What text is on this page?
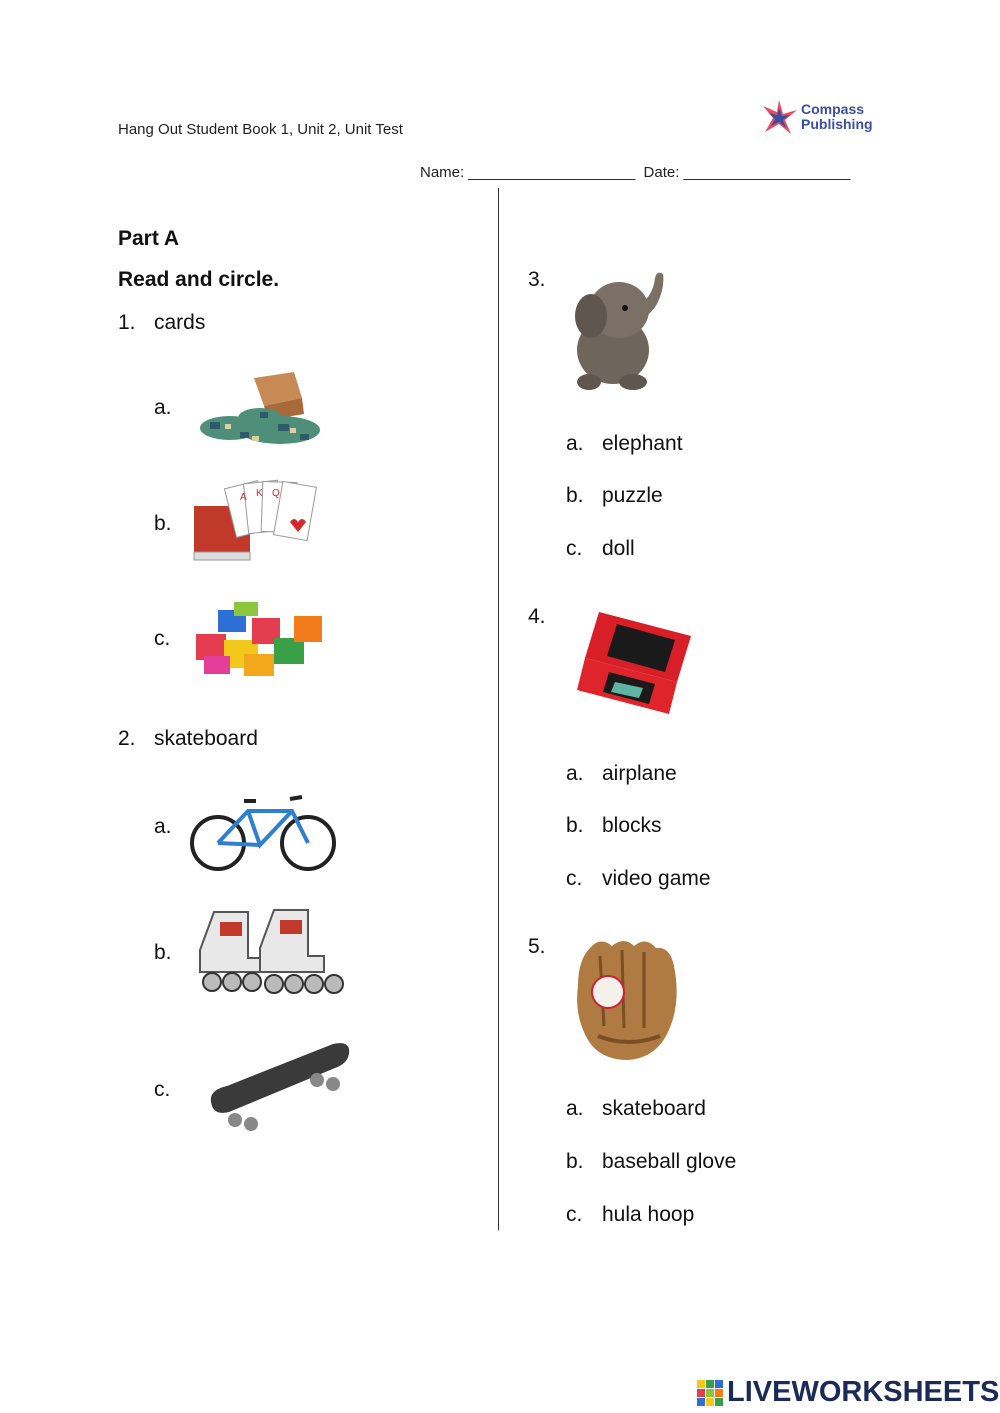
Hang Out Student Book 1, Unit 2, Unit Test
Compass
Publishing
Name: ____________________  Date: ____________________
Part A
Read and circle.
1. cards
a.
b.
A K Q
c.
2. skateboard
a.
b.
c.
3.
a. elephant
b. puzzle
c. doll
4.
a. airplane
b. blocks
c. video game
5.
a. skateboard
b. baseball glove
c. hula hoop
LIVEWORKSHEETS
